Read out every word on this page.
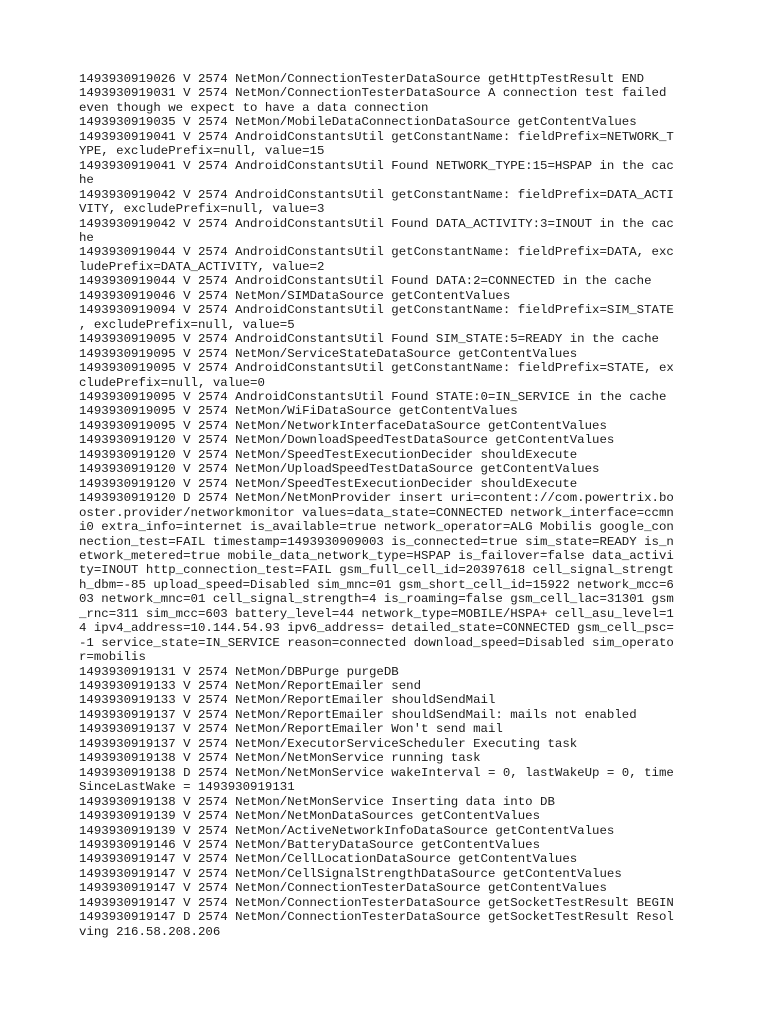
1493930919026 V 2574 NetMon/ConnectionTesterDataSource getHttpTestResult END
1493930919031 V 2574 NetMon/ConnectionTesterDataSource A connection test failed
even though we expect to have a data connection
1493930919035 V 2574 NetMon/MobileDataConnectionDataSource getContentValues
1493930919041 V 2574 AndroidConstantsUtil getConstantName: fieldPrefix=NETWORK_T
YPE, excludePrefix=null, value=15
1493930919041 V 2574 AndroidConstantsUtil Found NETWORK_TYPE:15=HSPAP in the cac
he
1493930919042 V 2574 AndroidConstantsUtil getConstantName: fieldPrefix=DATA_ACTI
VITY, excludePrefix=null, value=3
1493930919042 V 2574 AndroidConstantsUtil Found DATA_ACTIVITY:3=INOUT in the cac
he
1493930919044 V 2574 AndroidConstantsUtil getConstantName: fieldPrefix=DATA, exc
ludePrefix=DATA_ACTIVITY, value=2
1493930919044 V 2574 AndroidConstantsUtil Found DATA:2=CONNECTED in the cache
1493930919046 V 2574 NetMon/SIMDataSource getContentValues
1493930919094 V 2574 AndroidConstantsUtil getConstantName: fieldPrefix=SIM_STATE
, excludePrefix=null, value=5
1493930919095 V 2574 AndroidConstantsUtil Found SIM_STATE:5=READY in the cache
1493930919095 V 2574 NetMon/ServiceStateDataSource getContentValues
1493930919095 V 2574 AndroidConstantsUtil getConstantName: fieldPrefix=STATE, ex
cludePrefix=null, value=0
1493930919095 V 2574 AndroidConstantsUtil Found STATE:0=IN_SERVICE in the cache
1493930919095 V 2574 NetMon/WiFiDataSource getContentValues
1493930919095 V 2574 NetMon/NetworkInterfaceDataSource getContentValues
1493930919120 V 2574 NetMon/DownloadSpeedTestDataSource getContentValues
1493930919120 V 2574 NetMon/SpeedTestExecutionDecider shouldExecute
1493930919120 V 2574 NetMon/UploadSpeedTestDataSource getContentValues
1493930919120 V 2574 NetMon/SpeedTestExecutionDecider shouldExecute
1493930919120 D 2574 NetMon/NetMonProvider insert uri=content://com.powertrix.bo
oster.provider/networkmonitor values=data_state=CONNECTED network_interface=ccmn
i0 extra_info=internet is_available=true network_operator=ALG Mobilis google_con
nection_test=FAIL timestamp=1493930909003 is_connected=true sim_state=READY is_n
etwork_metered=true mobile_data_network_type=HSPAP is_failover=false data_activi
ty=INOUT http_connection_test=FAIL gsm_full_cell_id=20397618 cell_signal_strengt
h_dbm=-85 upload_speed=Disabled sim_mnc=01 gsm_short_cell_id=15922 network_mcc=6
03 network_mnc=01 cell_signal_strength=4 is_roaming=false gsm_cell_lac=31301 gsm
_rnc=311 sim_mcc=603 battery_level=44 network_type=MOBILE/HSPA+ cell_asu_level=1
4 ipv4_address=10.144.54.93 ipv6_address= detailed_state=CONNECTED gsm_cell_psc=
-1 service_state=IN_SERVICE reason=connected download_speed=Disabled sim_operato
r=mobilis
1493930919131 V 2574 NetMon/DBPurge purgeDB
1493930919133 V 2574 NetMon/ReportEmailer send
1493930919133 V 2574 NetMon/ReportEmailer shouldSendMail
1493930919137 V 2574 NetMon/ReportEmailer shouldSendMail: mails not enabled
1493930919137 V 2574 NetMon/ReportEmailer Won't send mail
1493930919137 V 2574 NetMon/ExecutorServiceScheduler Executing task
1493930919138 V 2574 NetMon/NetMonService running task
1493930919138 D 2574 NetMon/NetMonService wakeInterval = 0, lastWakeUp = 0, time
SinceLastWake = 1493930919131
1493930919138 V 2574 NetMon/NetMonService Inserting data into DB
1493930919139 V 2574 NetMon/NetMonDataSources getContentValues
1493930919139 V 2574 NetMon/ActiveNetworkInfoDataSource getContentValues
1493930919146 V 2574 NetMon/BatteryDataSource getContentValues
1493930919147 V 2574 NetMon/CellLocationDataSource getContentValues
1493930919147 V 2574 NetMon/CellSignalStrengthDataSource getContentValues
1493930919147 V 2574 NetMon/ConnectionTesterDataSource getContentValues
1493930919147 V 2574 NetMon/ConnectionTesterDataSource getSocketTestResult BEGIN
1493930919147 D 2574 NetMon/ConnectionTesterDataSource getSocketTestResult Resol
ving 216.58.208.206
